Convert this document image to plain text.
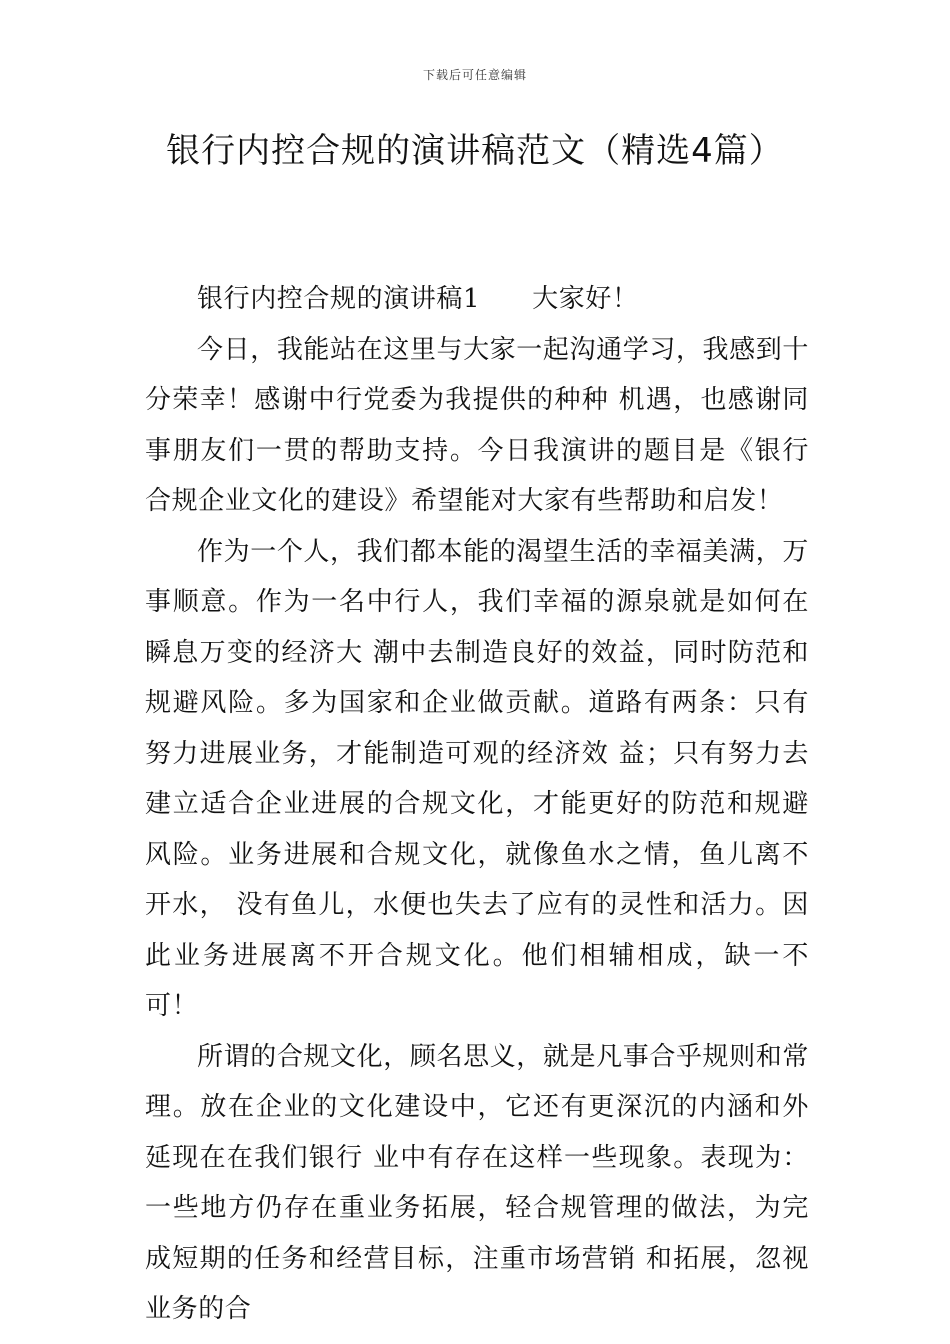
下载后可任意编辑
银行内控合规的演讲稿范文（精选4篇）

银行内控合规的演讲稿1 大家好！

今日，我能站在这里与大家一起沟通学习，我感到十分荣幸！感谢中行党委为我提供的种种 机遇，也感谢同事朋友们一贯的帮助支持。今日我演讲的题目是《银行合规企业文化的建设》希望能对大家有些帮助和启发！

作为一个人，我们都本能的渴望生活的幸福美满，万事顺意。作为一名中行人，我们幸福的源泉就是如何在瞬息万变的经济大 潮中去制造良好的效益，同时防范和规避风险。多为国家和企业做贡献。道路有两条：只有努力进展业务，才能制造可观的经济效 益；只有努力去建立适合企业进展的合规文化，才能更好的防范和规避风险。业务进展和合规文化，就像鱼水之情，鱼儿离不开水， 没有鱼儿，水便也失去了应有的灵性和活力。因此业务进展离不开合规文化。他们相辅相成，缺一不可！

所谓的合规文化，顾名思义，就是凡事合乎规则和常理。放在企业的文化建设中，它还有更深沉的内涵和外延现在在我们银行 业中有存在这样一些现象。表现为：一些地方仍存在重业务拓展，轻合规管理的做法，为完成短期的任务和经营目标，注重市场营销 和拓展，忽视业务的合
